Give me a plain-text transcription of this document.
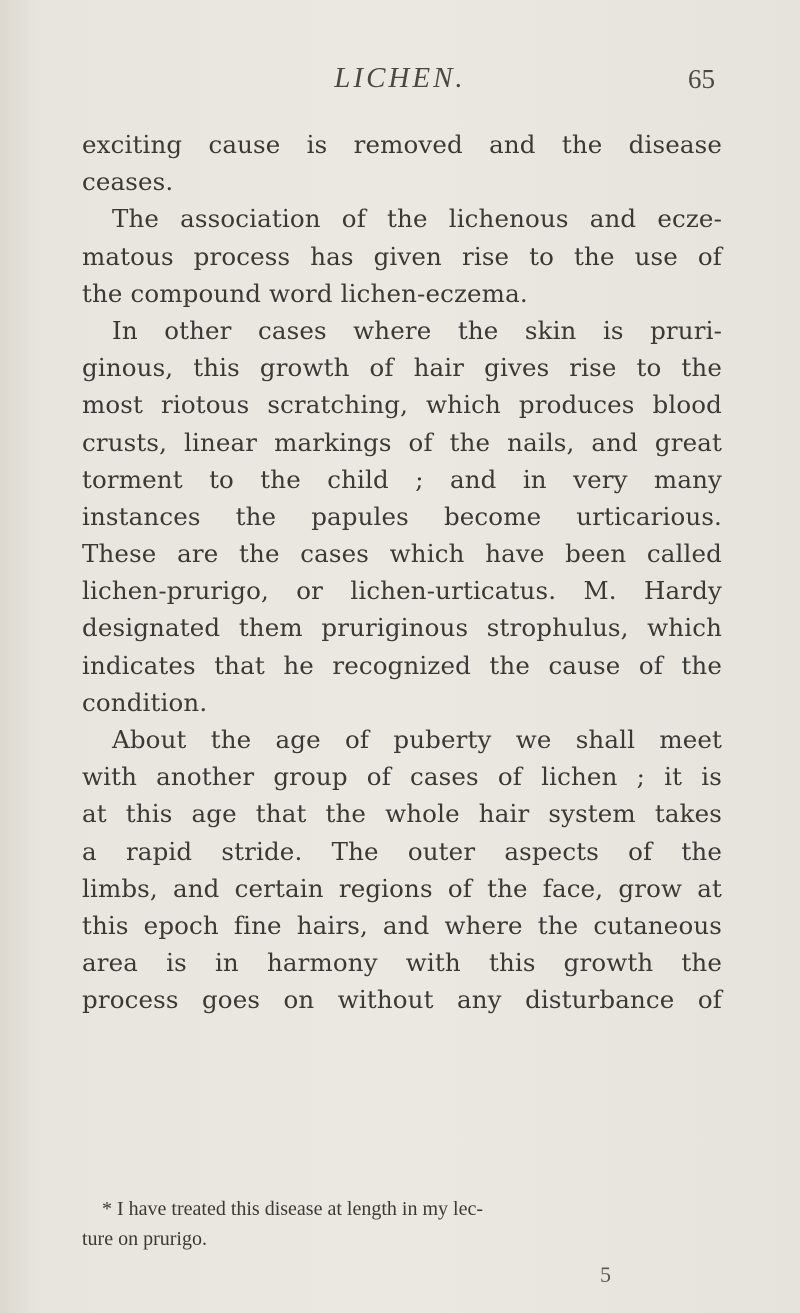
LICHEN.	65
exciting cause is removed and the disease
ceases.
The association of the lichenous and ecze-
matous process has given rise to the use of
the compound word lichen-eczema.
In other cases where the skin is pruri-
ginous, this growth of hair gives rise to the
most riotous scratching, which produces blood
crusts, linear markings of the nails, and great
torment to the child ; and in very many
instances the papules become urticarious.
These are the cases which have been called
lichen-prurigo, or lichen-urticatus. M. Hardy
designated them pruriginous strophulus, which
indicates that he recognized the cause of the
condition.
About the age of puberty we shall meet
with another group of cases of lichen ; it is
at this age that the whole hair system takes
a rapid stride. The outer aspects of the
limbs, and certain regions of the face, grow at
this epoch fine hairs, and where the cutaneous
area is in harmony with this growth the
process goes on without any disturbance of
* I have treated this disease at length in my lec-
ture on prurigo.
5
